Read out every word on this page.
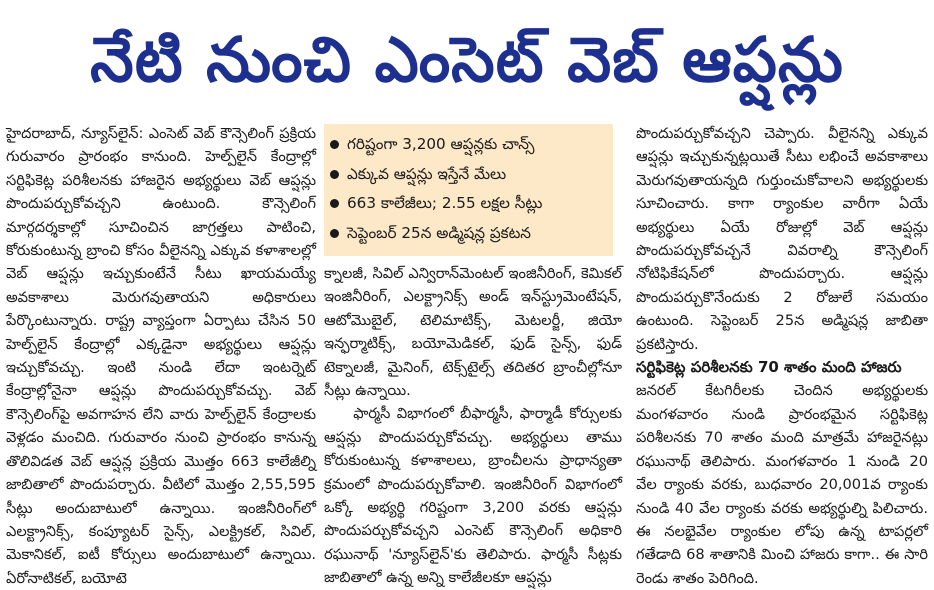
నేటి నుంచి ఎంసెట్ వెబ్ ఆప్షన్లు

హైదరాబాద్, న్యూస్‌లైన్: ఎంసెట్ వెబ్ కౌన్సెలింగ్ ప్రక్రియ గురువారం ప్రారంభం కానుంది. హెల్ప్‌లైన్ కేంద్రాల్లో సర్టిఫికెట్ల పరిశీలనకు హాజరైన అభ్యర్థులు వెబ్ ఆప్షన్లు పొందుపర్చుకోవచ్చని ఉంటుంది. కౌన్సెలింగ్ మార్గదర్శకాల్లో సూచించిన జాగ్రత్తలు పాటించి, కోరుకుంటున్న బ్రాంచి కోసం వీలైనన్ని ఎక్కువ కళాశాలల్లో వెబ్ ఆప్షన్లు ఇచ్చుకుంటేనే సీటు ఖాయమయ్యే అవకాశాలు మెరుగవుతాయని అధికారులు పేర్కొంటున్నారు. రాష్ట్ర వ్యాప్తంగా ఏర్పాటు చేసిన 50 హెల్ప్‌లైన్ కేంద్రాల్లో ఎక్కడైనా అభ్యర్థులు ఆప్షన్లు ఇచ్చుకోవచ్చు. ఇంటి నుండి లేదా ఇంటర్నెట్ కేంద్రాల్లోనైనా ఆప్షన్లు పొందుపర్చుకోవచ్చు. వెబ్ కౌన్సెలింగ్‌పై అవగాహన లేని వారు హెల్ప్‌లైన్ కేంద్రాలకు వెళ్లడం మంచిది. గురువారం నుంచి ప్రారంభం కానున్న తొలివిడత వెబ్ ఆప్షన్ల ప్రక్రియ మొత్తం 663 కాలేజీల్ని జాబితాలో పొందుపర్చారు. వీటిలో మొత్తం 2,55,595 సీట్లు అందుబాటులో ఉన్నాయి. ఇంజినీరింగ్‌లో ఎలక్ట్రానిక్స్, కంప్యూటర్ సైన్స్, ఎలక్ట్రికల్, సివిల్, మెకానికల్, ఐటీ కోర్సులు అందుబాటులో ఉన్నాయి. ఏరోనాటికల్, బయోటె

గరిష్టంగా 3,200 ఆప్షన్లకు చాన్స్
ఎక్కువ ఆప్షన్లు ఇస్తేనే మేలు
663 కాలేజీలు; 2.55 లక్షల సీట్లు
సెప్టెంబర్ 25న అడ్మిషన్ల ప్రకటన

క్నాలజీ, సివిల్ ఎన్విరాన్‌మెంటల్ ఇంజినీరింగ్, కెమికల్ ఇంజినీరింగ్, ఎలక్ట్రానిక్స్ అండ్ ఇన్‌స్ట్రుమెంటేషన్, ఆటోమొబైల్, టెలిమాటిక్స్, మెటలర్జీ, జియో ఇన్ఫర్మాటిక్స్, బయోమెడికల్, ఫుడ్ సైన్స్, ఫుడ్ టెక్నాలజీ, మైనింగ్, టెక్స్‌టైల్స్ తదితర బ్రాంచీల్లోనూ సీట్లు ఉన్నాయి.

ఫార్మసీ విభాగంలో బీఫార్మసీ, ఫార్మాడీ కోర్సులకు ఆప్షన్లు పొందుపర్చుకోవచ్చు. అభ్యర్థులు తాము కోరుకుంటున్న కళాశాలలు, బ్రాంచీలను ప్రాధాన్యతా క్రమంలో పొందుపర్చుకోవాలి. ఇంజినీరింగ్ విభాగంలో ఒక్కో అభ్యర్థి గరిష్టంగా 3,200 వరకు ఆప్షన్లు పొందుపర్చుకోవచ్చని ఎంసెట్ కౌన్సెలింగ్ అధికారి రఘునాథ్ 'న్యూస్‌లైన్'కు తెలిపారు. ఫార్మసీ సీట్లకు జాబితాలో ఉన్న అన్ని కాలేజీలకూ ఆప్షన్లు

పొందుపర్చుకోవచ్చని చెప్పారు. వీలైనన్ని ఎక్కువ ఆప్షన్లు ఇచ్చుకున్నట్లయితే సీటు లభించే అవకాశాలు మెరుగవుతాయన్నది గుర్తుంచుకోవాలని అభ్యర్థులకు సూచించారు. కాగా ర్యాంకుల వారీగా ఏయే అభ్యర్థులు ఏయే రోజుల్లో వెబ్ ఆప్షన్లు పొందుపర్చుకోవచ్చనే వివరాల్ని కౌన్సెలింగ్ నోటిఫికేషన్‌లో పొందుపర్చారు. ఆప్షన్లు పొందుపర్చుకొనేందుకు 2 రోజులే సమయం ఉంటుంది. సెప్టెంబర్ 25న అడ్మిషన్ల జాబితా ప్రకటిస్తారు.

సర్టిఫికెట్ల పరిశీలనకు 70 శాతం మంది హాజరు

జనరల్ కేటగిరీలకు చెందిన అభ్యర్థులకు మంగళవారం నుండి ప్రారంభమైన సర్టిఫికెట్ల పరిశీలనకు 70 శాతం మంది మాత్రమే హాజరైనట్లు రఘునాథ్ తెలిపారు. మంగళవారం 1 నుండి 20 వేల ర్యాంకు వరకు, బుధవారం 20,001వ ర్యాంకు నుండి 40 వేల ర్యాంకు వరకు అభ్యర్థుల్ని పిలిచారు. ఈ నలభైవేల ర్యాంకుల లోపు ఉన్న టాపర్లలో గతేడాది 68 శాతానికి మించి హాజరు కాగా.. ఈ సారి రెండు శాతం పెరిగింది.
